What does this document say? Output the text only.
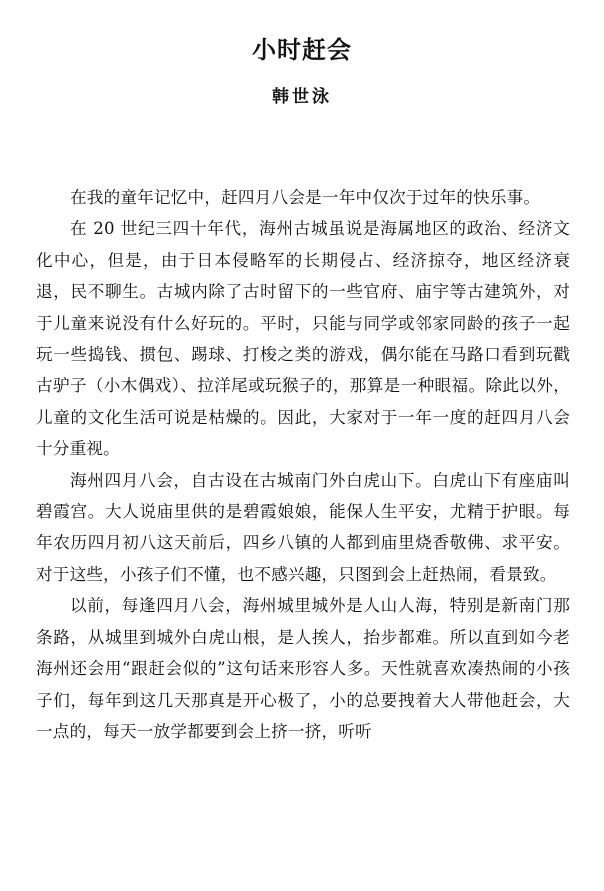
小时赶会
韩世泳

在我的童年记忆中，赶四月八会是一年中仅次于过年的快乐事。

在 20 世纪三四十年代，海州古城虽说是海属地区的政治、经济文化中心，但是，由于日本侵略军的长期侵占、经济掠夺，地区经济衰退，民不聊生。古城内除了古时留下的一些官府、庙宇等古建筑外，对于儿童来说没有什么好玩的。平时，只能与同学或邻家同龄的孩子一起玩一些捣钱、掼包、踢球、打梭之类的游戏，偶尔能在马路口看到玩戳古驴子（小木偶戏）、拉洋尾或玩猴子的，那算是一种眼福。除此以外，儿童的文化生活可说是枯燥的。因此，大家对于一年一度的赶四月八会十分重视。

海州四月八会，自古设在古城南门外白虎山下。白虎山下有座庙叫碧霞宫。大人说庙里供的是碧霞娘娘，能保人生平安，尤精于护眼。每年农历四月初八这天前后，四乡八镇的人都到庙里烧香敬佛、求平安。对于这些，小孩子们不懂，也不感兴趣，只图到会上赶热闹，看景致。

以前，每逢四月八会，海州城里城外是人山人海，特别是新南门那条路，从城里到城外白虎山根，是人挨人，抬步都难。所以直到如今老海州还会用“跟赶会似的”这句话来形容人多。天性就喜欢凑热闹的小孩子们，每年到这几天那真是开心极了，小的总要拽着大人带他赶会，大一点的，每天一放学都要到会上挤一挤，听听
